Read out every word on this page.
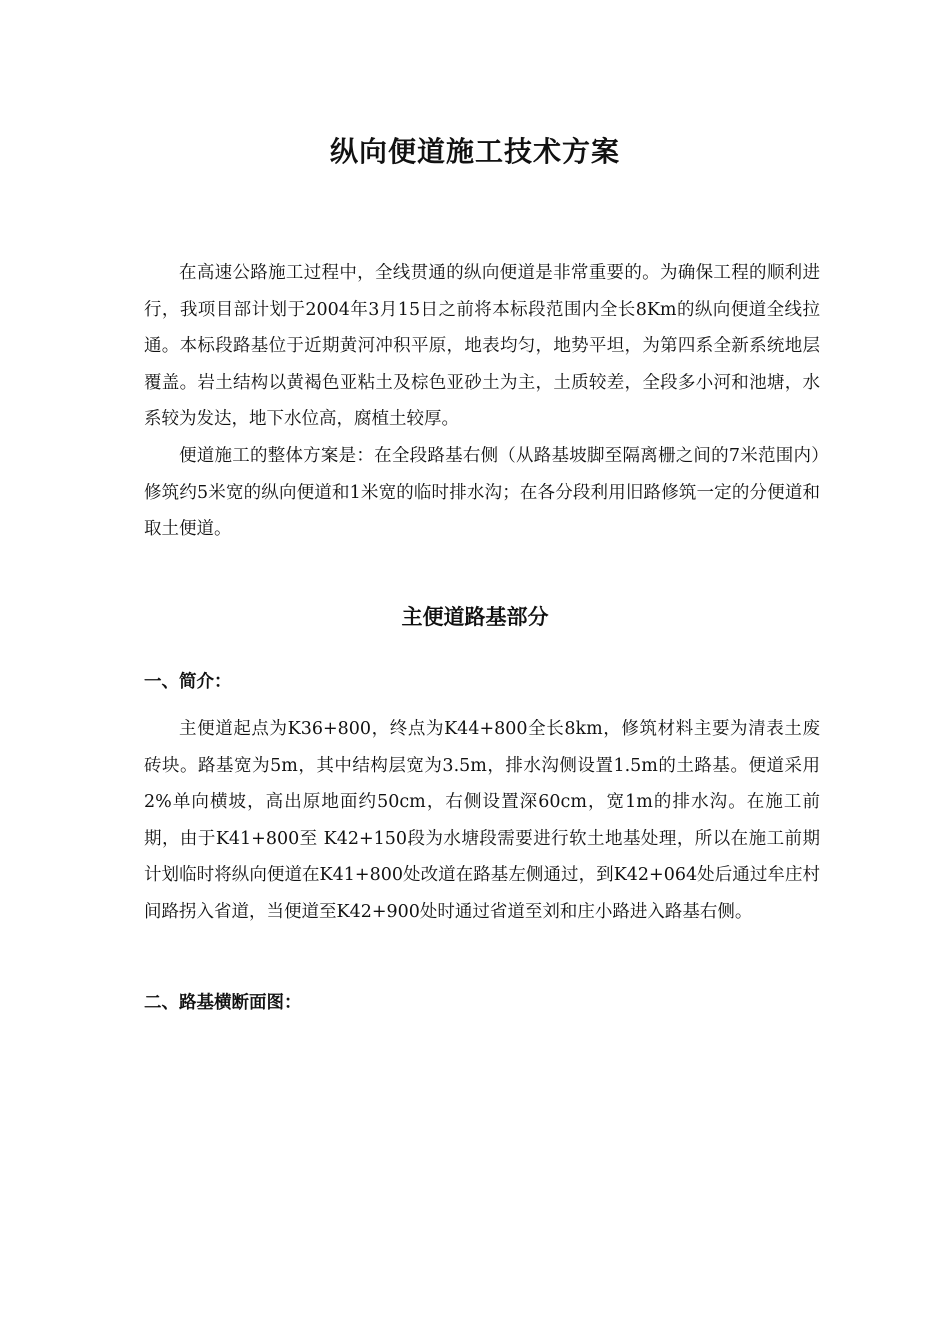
纵向便道施工技术方案

在高速公路施工过程中，全线贯通的纵向便道是非常重要的。为确保工程的顺利进行，我项目部计划于2004年3月15日之前将本标段范围内全长8Km的纵向便道全线拉通。本标段路基位于近期黄河冲积平原，地表均匀，地势平坦，为第四系全新系统地层覆盖。岩土结构以黄褐色亚粘土及棕色亚砂土为主，土质较差，全段多小河和池塘，水系较为发达，地下水位高，腐植土较厚。

便道施工的整体方案是：在全段路基右侧（从路基坡脚至隔离栅之间的7米范围内）修筑约5米宽的纵向便道和1米宽的临时排水沟；在各分段利用旧路修筑一定的分便道和取土便道。

主便道路基部分
一、简介：

主便道起点为K36+800，终点为K44+800全长8km，修筑材料主要为清表土废砖块。路基宽为5m，其中结构层宽为3.5m，排水沟侧设置1.5m的土路基。便道采用2%单向横坡，高出原地面约50cm，右侧设置深60cm，宽1m的排水沟。在施工前期，由于K41+800至 K42+150段为水塘段需要进行软土地基处理，所以在施工前期计划临时将纵向便道在K41+800处改道在路基左侧通过，到K42+064处后通过牟庄村间路拐入省道，当便道至K42+900处时通过省道至刘和庄小路进入路基右侧。

二、路基横断面图：
